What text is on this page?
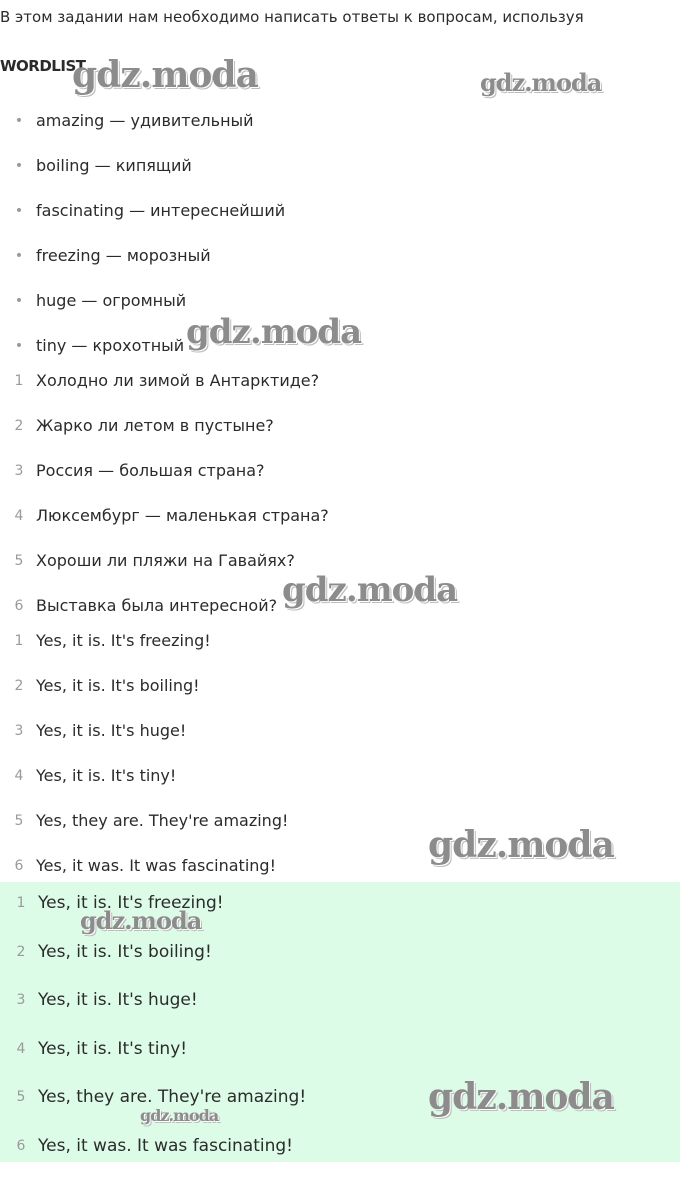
В этом задании нам необходимо написать ответы к вопросам, используя
WORDLIST
• amazing — удивительный
• boiling — кипящий
• fascinating — интереснейший
• freezing — морозный
• huge — огромный
• tiny — крохотный
1 Холодно ли зимой в Антарктиде?
2 Жарко ли летом в пустыне?
3 Россия — большая страна?
4 Люксембург — маленькая страна?
5 Хороши ли пляжи на Гавайях?
6 Выставка была интересной?
1 Yes, it is. It's freezing!
2 Yes, it is. It's boiling!
3 Yes, it is. It's huge!
4 Yes, it is. It's tiny!
5 Yes, they are. They're amazing!
6 Yes, it was. It was fascinating!
1 Yes, it is. It's freezing!
2 Yes, it is. It's boiling!
3 Yes, it is. It's huge!
4 Yes, it is. It's tiny!
5 Yes, they are. They're amazing!
6 Yes, it was. It was fascinating!
gdz.moda	gdz.moda
gdz.moda
gdz.moda
gdz.moda
gdz.moda
gdz.moda
gdz.moda
